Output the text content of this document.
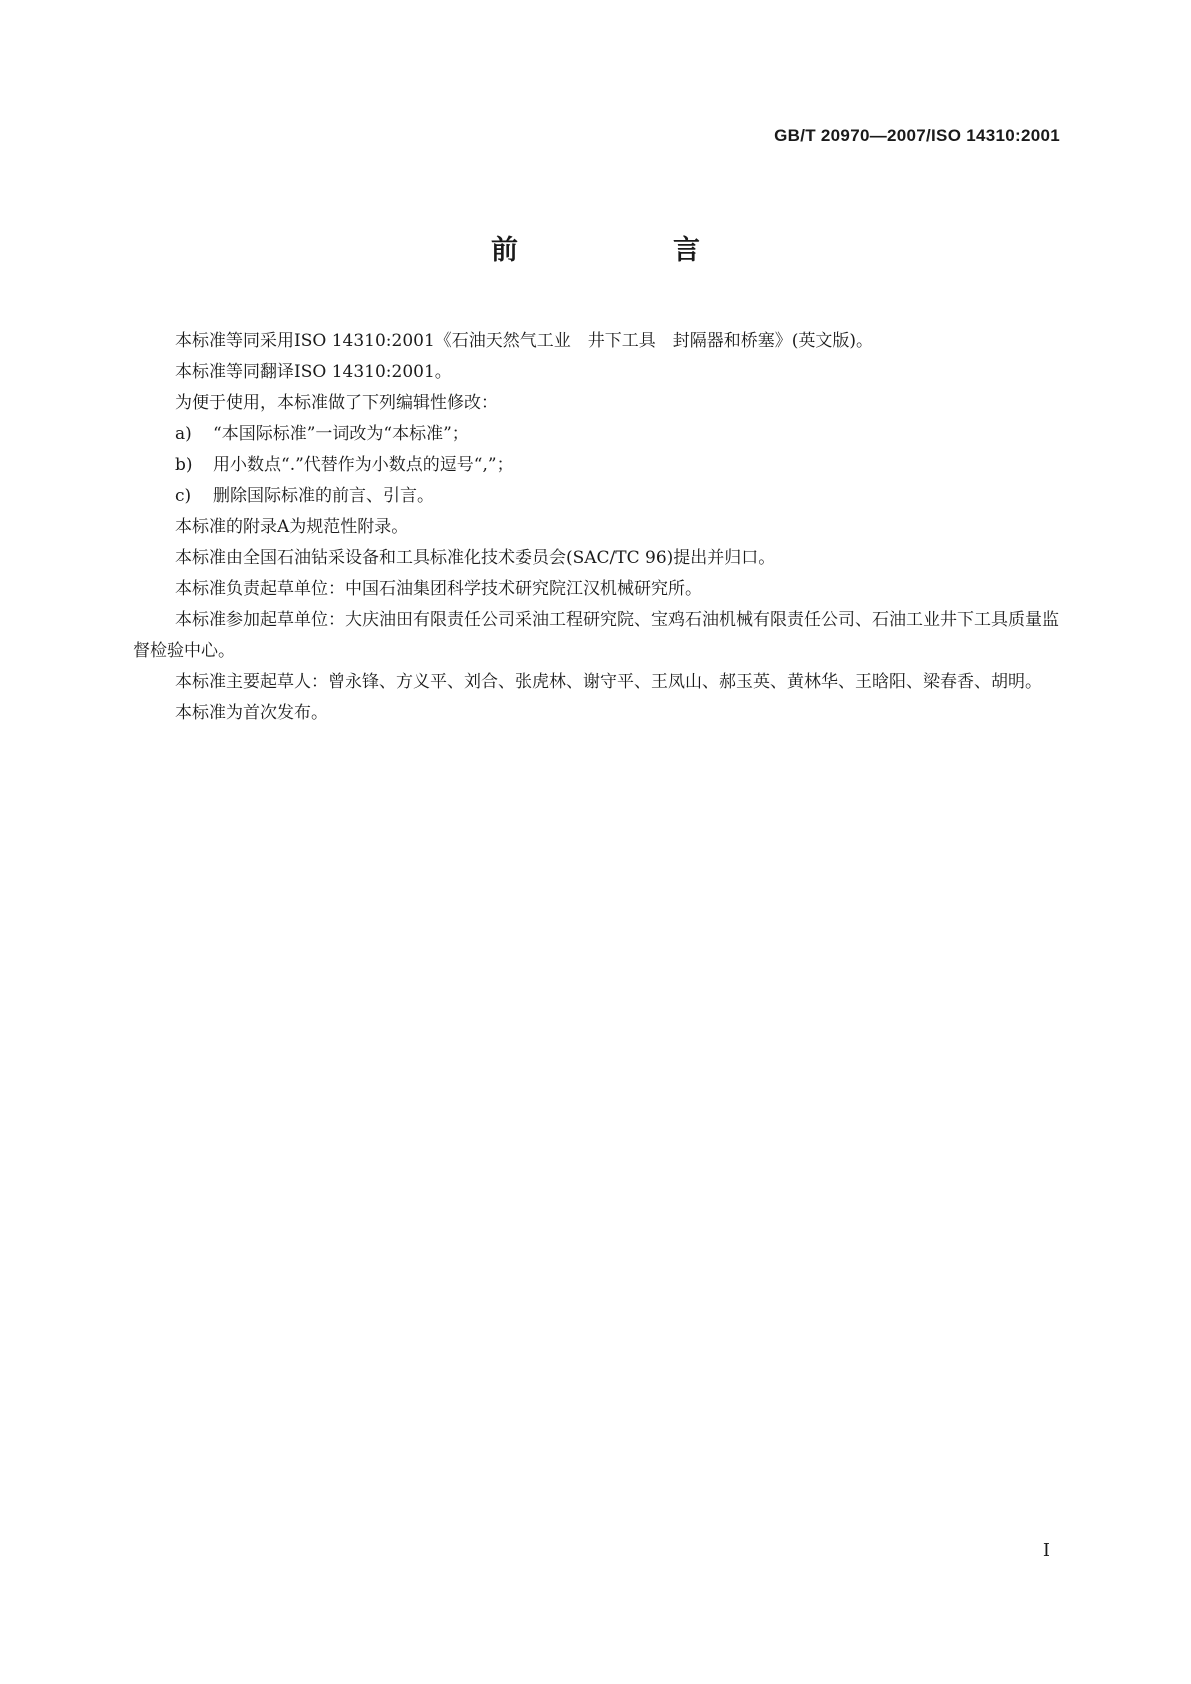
GB/T 20970—2007/ISO 14310:2001
前　言

本标准等同采用ISO 14310:2001《石油天然气工业　井下工具　封隔器和桥塞》(英文版)。

本标准等同翻译ISO 14310:2001。

为便于使用，本标准做了下列编辑性修改：

a) “本国际标准”一词改为“本标准”；

b) 用小数点“.”代替作为小数点的逗号“,”；

c) 删除国际标准的前言、引言。

本标准的附录A为规范性附录。

本标准由全国石油钻采设备和工具标准化技术委员会(SAC/TC 96)提出并归口。

本标准负责起草单位：中国石油集团科学技术研究院江汉机械研究所。

本标准参加起草单位：大庆油田有限责任公司采油工程研究院、宝鸡石油机械有限责任公司、石油工业井下工具质量监督检验中心。

本标准主要起草人：曾永锋、方义平、刘合、张虎林、谢守平、王凤山、郝玉英、黄林华、王晗阳、梁春香、胡明。

本标准为首次发布。

I
